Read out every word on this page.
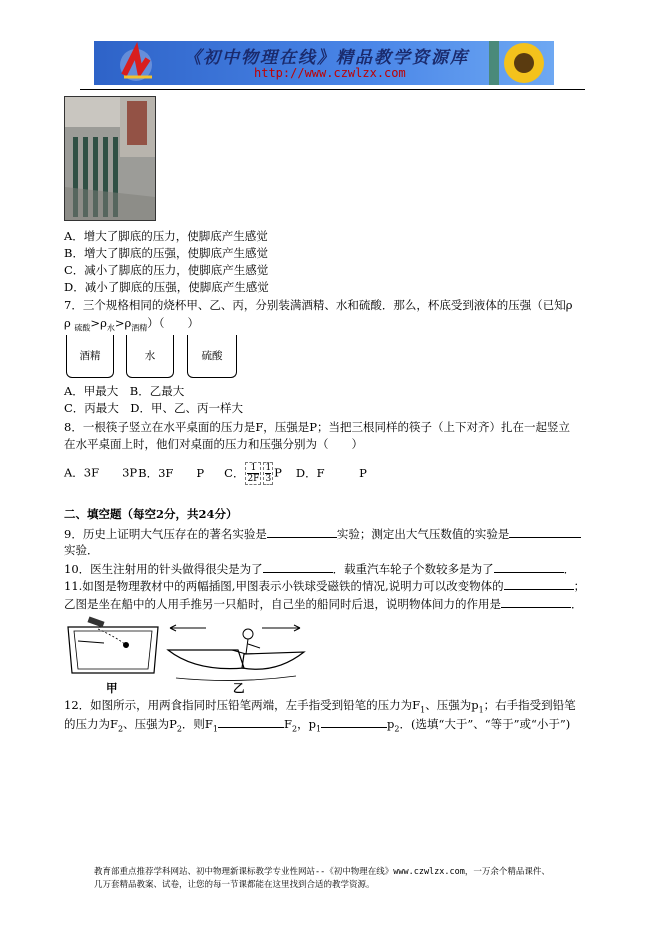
《初中物理在线》精品教学资源库
http://www.czwlzx.com
A．增大了脚底的压力，使脚底产生感觉
B．增大了脚底的压强，使脚底产生感觉
C．减小了脚底的压力，使脚底产生感觉
D．减小了脚底的压强，使脚底产生感觉
7．三个规格相同的烧杯甲、乙、丙，分别装满酒精、水和硫酸．那么，杯底受到液体的压强（已知ρ
ρ $_{硫酸}>\rho_水>\rho_{酒精}$）（　　）
酒精	水	硫酸
A．甲最大　B．乙最大
C．丙最大　D．甲、乙、丙一样大
8．一根筷子竖立在水平桌面的压力是F，压强是P；当把三根同样的筷子（上下对齐）扎在一起竖立
在水平桌面上时，他们对桌面的压力和压强分别为（　　）
A．3F　　3PB．3F　　P C． $\frac{1}{2F} \frac{1}{3}P$ D．F　　　P
二、填空题（每空2分，共24分）
9．历史上证明大气压存在的著名实验是	实验；测定出大气压数值的实验是
实验．
10．医生注射用的针头做得很尖是为了	．载重汽车轮子个数较多是为了	．
11.如图是物理教材中的两幅插图,甲图表示小铁球受磁铁的情况,说明力可以改变物体的	；
乙图是坐在船中的人用手推另一只船时，自己坐的船同时后退，说明物体间力的作用是	．
甲	乙
12．如图所示，用两食指同时压铅笔两端，左手指受到铅笔的压力为$F_1$、压强为$p_1$；右手指受到铅笔
的压力为$F_2$、压强为$P_2$．则$F_1$	$F_2$，$p_1$	$p_2$．(选填“大于”、“等于”或“小于”)
教育部重点推荐学科网站、初中物理新课标教学专业性网站--《初中物理在线》www.czwlzx.com，一万余个精品课件、
几万套精品教案、试卷，让您的每一节课都能在这里找到合适的教学资源。
